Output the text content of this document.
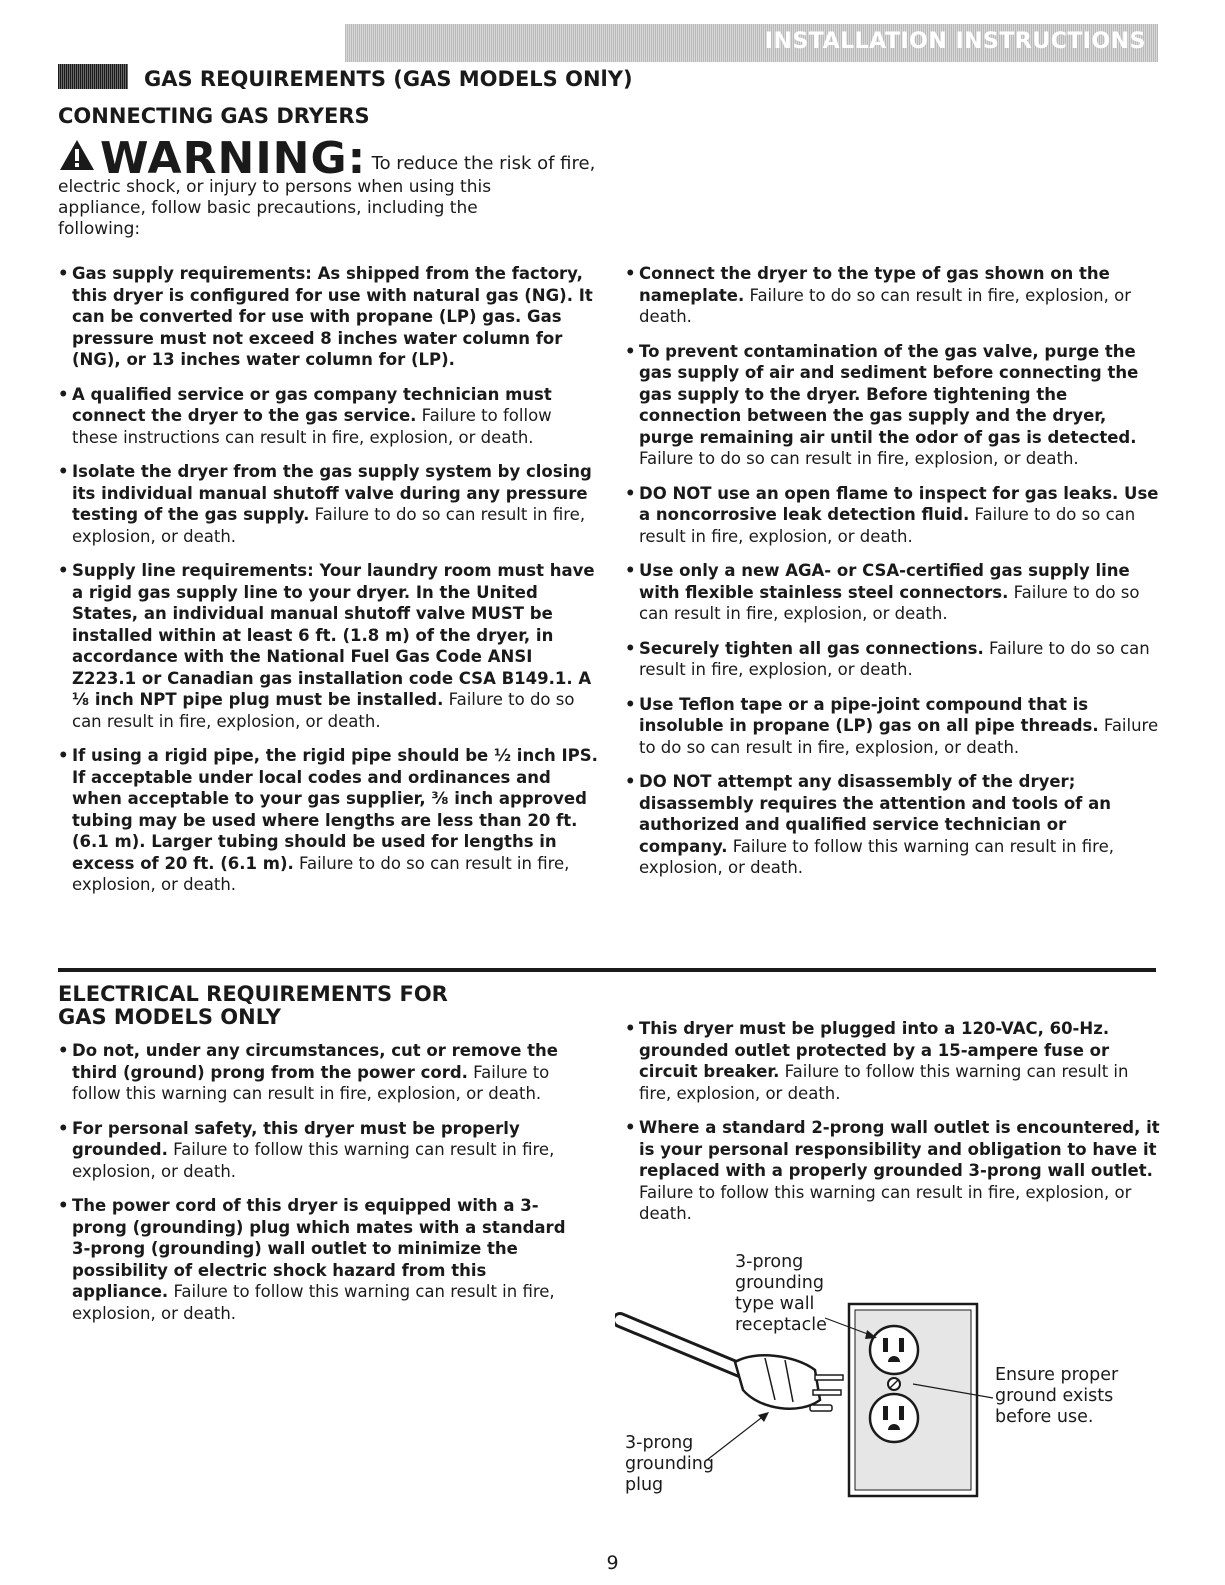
INSTALLATION INSTRUCTIONS
GAS REQUIREMENTS (GAS MODELS ONlY)
CONNECTING GAS DRYERS
WARNING: To reduce the risk of fire,
electric shock, or injury to persons when using this appliance, follow basic precautions, including the following:
• Gas supply requirements: As shipped from the factory, this dryer is configured for use with natural gas (NG). It can be converted for use with propane (LP) gas. Gas pressure must not exceed 8 inches water column for (NG), or 13 inches water column for (LP).
• A qualified service or gas company technician must connect the dryer to the gas service. Failure to follow these instructions can result in fire, explosion, or death.
• Isolate the dryer from the gas supply system by closing its individual manual shutoff valve during any pressure testing of the gas supply. Failure to do so can result in fire, explosion, or death.
• Supply line requirements: Your laundry room must have a rigid gas supply line to your dryer. In the United States, an individual manual shutoff valve MUST be installed within at least 6 ft. (1.8 m) of the dryer, in accordance with the National Fuel Gas Code ANSI Z223.1 or Canadian gas installation code CSA B149.1. A ⅛ inch NPT pipe plug must be installed. Failure to do so can result in fire, explosion, or death.
• If using a rigid pipe, the rigid pipe should be ½ inch IPS. If acceptable under local codes and ordinances and when acceptable to your gas supplier, ⅜ inch approved tubing may be used where lengths are less than 20 ft. (6.1 m). Larger tubing should be used for lengths in excess of 20 ft. (6.1 m). Failure to do so can result in fire, explosion, or death.
• Connect the dryer to the type of gas shown on the nameplate. Failure to do so can result in fire, explosion, or death.
• To prevent contamination of the gas valve, purge the gas supply of air and sediment before connecting the gas supply to the dryer. Before tightening the connection between the gas supply and the dryer, purge remaining air until the odor of gas is detected. Failure to do so can result in fire, explosion, or death.
• DO NOT use an open flame to inspect for gas leaks. Use a noncorrosive leak detection fluid. Failure to do so can result in fire, explosion, or death.
• Use only a new AGA- or CSA-certified gas supply line with flexible stainless steel connectors. Failure to do so can result in fire, explosion, or death.
• Securely tighten all gas connections. Failure to do so can result in fire, explosion, or death.
• Use Teflon tape or a pipe-joint compound that is insoluble in propane (LP) gas on all pipe threads. Failure to do so can result in fire, explosion, or death.
• DO NOT attempt any disassembly of the dryer; disassembly requires the attention and tools of an authorized and qualified service technician or company. Failure to follow this warning can result in fire, explosion, or death.
ELECTRICAL REQUIREMENTS FOR
GAS MODELS ONLY
• Do not, under any circumstances, cut or remove the third (ground) prong from the power cord. Failure to follow this warning can result in fire, explosion, or death.
• For personal safety, this dryer must be properly grounded. Failure to follow this warning can result in fire, explosion, or death.
• The power cord of this dryer is equipped with a 3-prong (grounding) plug which mates with a standard 3-prong (grounding) wall outlet to minimize the possibility of electric shock hazard from this appliance. Failure to follow this warning can result in fire, explosion, or death.
• This dryer must be plugged into a 120-VAC, 60-Hz. grounded outlet protected by a 15-ampere fuse or circuit breaker. Failure to follow this warning can result in fire, explosion, or death.
• Where a standard 2-prong wall outlet is encountered, it is your personal responsibility and obligation to have it replaced with a properly grounded 3-prong wall outlet. Failure to follow this warning can result in fire, explosion, or death.
3-prong
grounding
type wall
receptacle
3-prong
grounding
plug
Ensure proper
ground exists
before use.
9
